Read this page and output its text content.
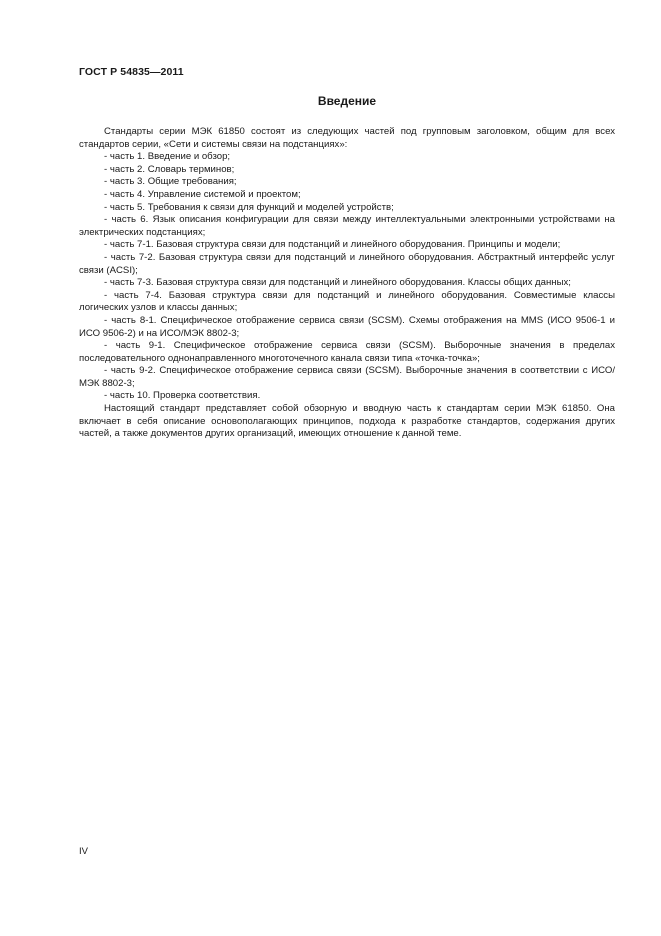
ГОСТ Р 54835—2011
Введение

Стандарты серии МЭК 61850 состоят из следующих частей под групповым заголовком, общим для всех стандартов серии, «Сети и системы связи на подстанциях»:

- часть 1. Введение и обзор;

- часть 2. Словарь терминов;

- часть 3. Общие требования;

- часть 4. Управление системой и проектом;

- часть 5. Требования к связи для функций и моделей устройств;

- часть 6. Язык описания конфигурации для связи между интеллектуальными электронными устройствами на электрических подстанциях;

- часть 7-1. Базовая структура связи для подстанций и линейного оборудования. Принципы и модели;

- часть 7-2. Базовая структура связи для подстанций и линейного оборудования. Абстрактный интерфейс услуг связи (ACSI);

- часть 7-3. Базовая структура связи для подстанций и линейного оборудования. Классы общих данных;

- часть 7-4. Базовая структура связи для подстанций и линейного оборудования. Совместимые классы логических узлов и классы данных;

- часть 8-1. Специфическое отображение сервиса связи (SCSM). Схемы отображения на MMS (ИСО 9506-1 и ИСО 9506-2) и на ИСО/МЭК 8802-3;

- часть 9-1. Специфическое отображение сервиса связи (SCSM). Выборочные значения в пределах последовательного однонаправленного многоточечного канала связи типа «точка-точка»;

- часть 9-2. Специфическое отображение сервиса связи (SCSM). Выборочные значения в соответствии с ИСО/МЭК 8802-3;

- часть 10. Проверка соответствия.

Настоящий стандарт представляет собой обзорную и вводную часть к стандартам серии МЭК 61850. Она включает в себя описание основополагающих принципов, подхода к разработке стандартов, содержания других частей, а также документов других организаций, имеющих отношение к данной теме.

IV
